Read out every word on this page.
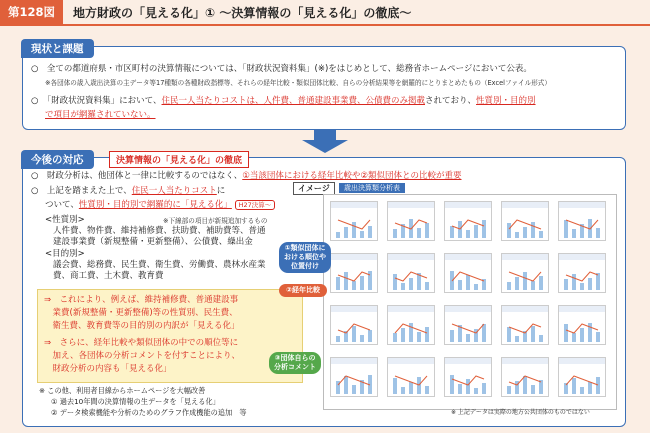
第128図	地方財政の「見える化」① ～決算情報の「見える化」の徹底～
現状と課題
○　全ての都道府県・市区町村の決算情報については、「財政状況資料集」(※)をはじめとして、総務省ホームページにおいて公表。
※各団体の歳入歳出決算の主データ等17種類の各種財政指標等、それらの経年比較・類似団体比較、自らの分析結果等を網羅的にとりまとめたもの（Excelファイル形式）
○　「財政状況資料集」において、住民一人当たりコストは、人件費、普通建設事業費、公債費のみ掲載されており、性質別・目的別
で項目が網羅されていない。
今後の対応	決算情報の「見える化」の徹底
○　財政分析は、他団体と一律に比較するのではなく、①当該団体における経年比較や②類似団体との比較が重要
○　上記を踏まえた上で、住民一人当たりコストに
ついて、性質別・目的別で網羅的に「見える化」 H27決算～
<性質別>	※下線部の項目が新規追加するもの
人件費、物件費、維持補修費、扶助費、補助費等、普通
建設事業費（新規整備・更新整備）、公債費、繰出金
<目的別>
議会費、総務費、民生費、衛生費、労働費、農林水産業
費、商工費、土木費、教育費
⇒　これにより、例えば、維持補修費、普通建設事
　業費(新規整備・更新整備)等の性質別、民生費、
　衛生費、教育費等の目的別の内訳が「見える化」
⇒　さらに、経年比較や類似団体の中での順位等に
　加え、各団体の分析コメントを付すことにより、
　財政分析の内容も「見える化」
※ この他、利用者目線からホームページを大幅改善
① 過去10年間の決算情報の生データを「見える化」
② データ検索機能や分析のためのグラフ作成機能の追加　等
イメージ	歳出決算類分析表
①類似団体に
おける順位や
位置付け
②経年比較
③団体自らの
分析コメント
※ 上記データは実際の地方公共団体のものではない
